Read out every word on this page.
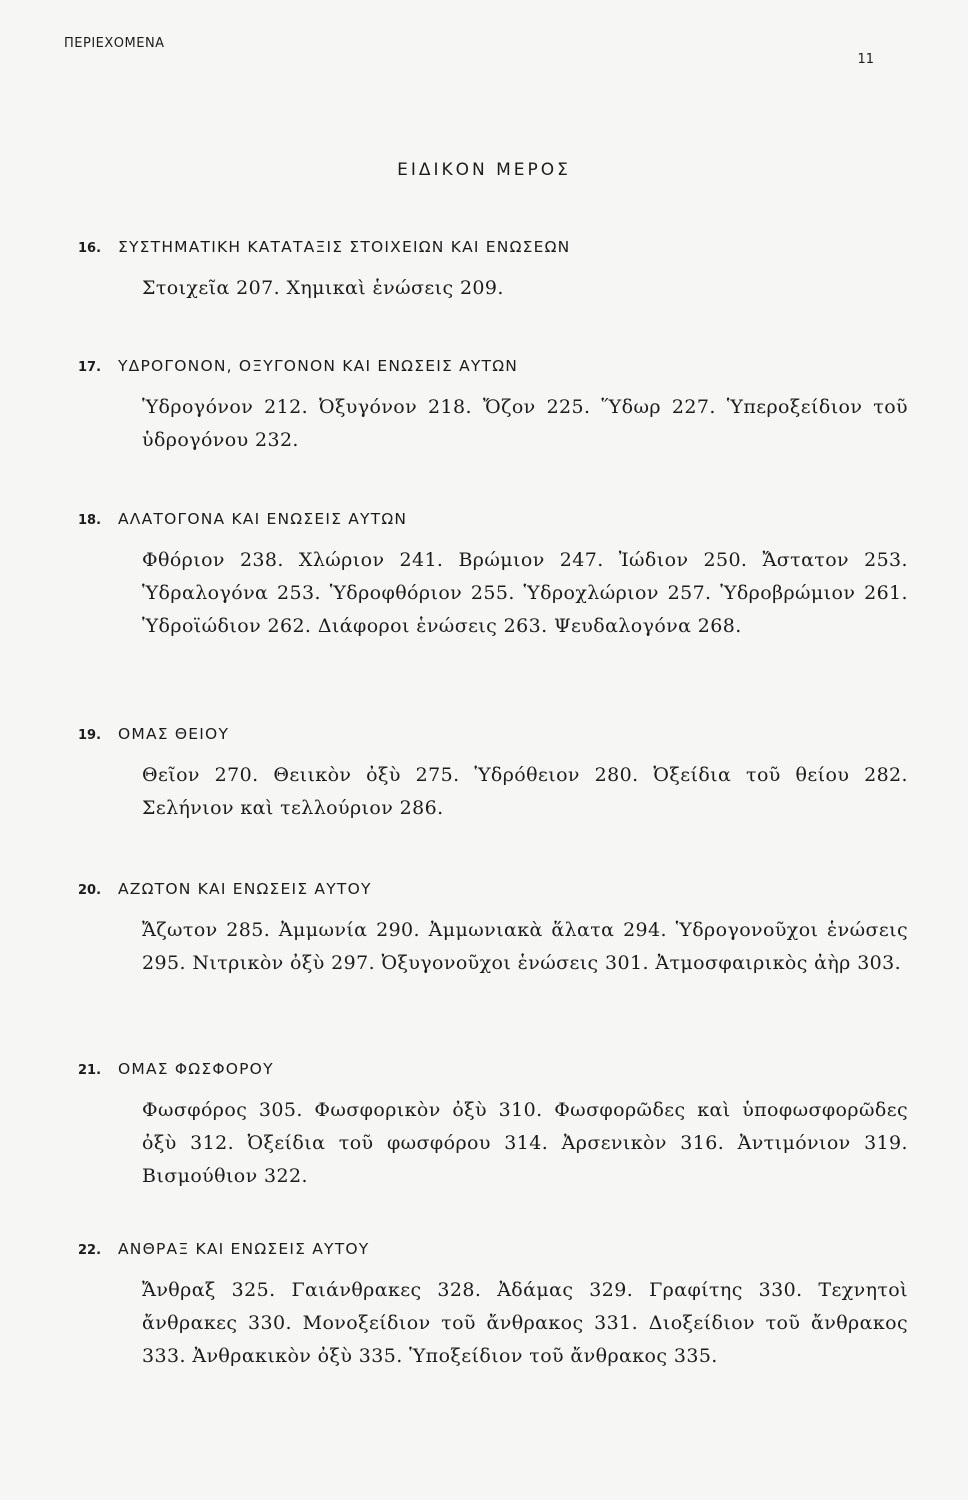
ΠΕΡΙΕΧΟΜΕΝΑ
11
ΕΙΔΙΚΟΝ ΜΕΡΟΣ

16. ΣΥΣΤΗΜΑΤΙΚΗ ΚΑΤΑΤΑΞΙΣ ΣΤΟΙΧΕΙΩΝ ΚΑΙ ΕΝΩΣΕΩΝ

Στοιχεῖα 207. Χημικαὶ ἑνώσεις 209.

17. ΥΔΡΟΓΟΝΟΝ, ΟΞΥΓΟΝΟΝ ΚΑΙ ΕΝΩΣΕΙΣ ΑΥΤΩΝ

Ὑδρογόνον 212. Ὀξυγόνον 218. Ὄζον 225. Ὕδωρ 227. Ὑπεροξείδιον τοῦ ὑδρογόνου 232.

18. ΑΛΑΤΟΓΟΝΑ ΚΑΙ ΕΝΩΣΕΙΣ ΑΥΤΩΝ

Φθόριον 238. Χλώριον 241. Βρώμιον 247. Ἰώδιον 250. Ἄστατον 253. Ὑδραλογόνα 253. Ὑδροφθόριον 255. Ὑδροχλώριον 257. Ὑδροβρώμιον 261. Ὑδροϊώδιον 262. Διάφοροι ἑνώσεις 263. Ψευδαλογόνα 268.

19. ΟΜΑΣ ΘΕΙΟΥ

Θεῖον 270. Θειικὸν ὀξὺ 275. Ὑδρόθειον 280. Ὀξείδια τοῦ θείου 282. Σελήνιον καὶ τελλούριον 286.

20. ΑΖΩΤΟΝ ΚΑΙ ΕΝΩΣΕΙΣ ΑΥΤΟΥ

Ἄζωτον 285. Ἀμμωνία 290. Ἀμμωνιακὰ ἅλατα 294. Ὑδρογονοῦχοι ἑνώσεις 295. Νιτρικὸν ὀξὺ 297. Ὀξυγονοῦχοι ἑνώσεις 301. Ἀτμοσφαιρικὸς ἀὴρ 303.

21. ΟΜΑΣ ΦΩΣΦΟΡΟΥ

Φωσφόρος 305. Φωσφορικὸν ὀξὺ 310. Φωσφορῶδες καὶ ὑποφωσφορῶδες ὀξὺ 312. Ὀξείδια τοῦ φωσφόρου 314. Ἀρσενικὸν 316. Ἀντιμόνιον 319. Βισμούθιον 322.

22. ΑΝΘΡΑΞ ΚΑΙ ΕΝΩΣΕΙΣ ΑΥΤΟΥ

Ἄνθραξ 325. Γαιάνθρακες 328. Ἀδάμας 329. Γραφίτης 330. Τεχνητοὶ ἄνθρακες 330. Μονοξείδιον τοῦ ἄνθρακος 331. Διοξείδιον τοῦ ἄνθρακος 333. Ἀνθρακικὸν ὀξὺ 335. Ὑποξείδιον τοῦ ἄνθρακος 335.
